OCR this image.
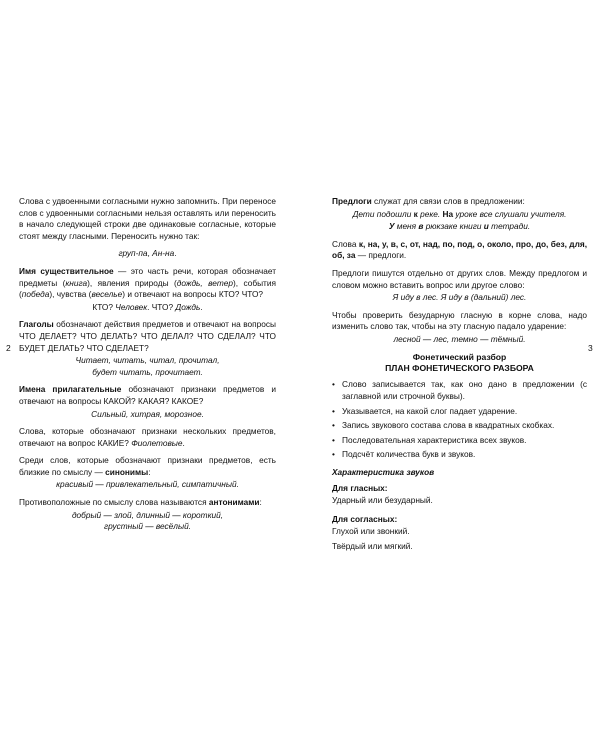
Слова с удвоенными согласными нужно запомнить. При переносе слов с удвоенными согласными нельзя оставлять или переносить в начало следующей строки две одинаковые согласные, которые стоят между гласными. Переносить нужно так:

груп-па, Ан-на.

Имя существительное — это часть речи, которая обозначает предметы (книга), явления природы (дождь, ветер), события (победа), чувства (веселье) и отвечают на вопросы КТО? ЧТО?

КТО? Человек. ЧТО? Дождь.

Глаголы обозначают действия предметов и отвечают на вопросы ЧТО ДЕЛАЕТ? ЧТО ДЕЛАТЬ? ЧТО ДЕЛАЛ? ЧТО СДЕЛАЛ? ЧТО БУДЕТ ДЕЛАТЬ? ЧТО СДЕЛАЕТ?

Читает, читать, читал, прочитал,
будет читать, прочитает.

Имена прилагательные обозначают признаки предметов и отвечают на вопросы КАКОЙ? КАКАЯ? КАКОЕ?

Сильный, хитрая, морозное.

Слова, которые обозначают признаки нескольких предметов, отвечают на вопрос КАКИЕ? Фиолетовые.

Среди слов, которые обозначают признаки предметов, есть близкие по смыслу — синонимы:

красивый — привлекательный, симпатичный.

Противоположные по смыслу слова называются антонимами:

добрый — злой, длинный — короткий,
грустный — весёлый.

2

Предлоги служат для связи слов в предложении:

Дети подошли к реке. На уроке все слушали учителя.

У меня в рюкзаке книги и тетради.

Слова к, на, у, в, с, от, над, по, под, о, около, про, до, без, для, об, за — предлоги.

Предлоги пишутся отдельно от других слов. Между предлогом и словом можно вставить вопрос или другое слово:

Я иду в лес. Я иду в (дальний) лес.

Чтобы проверить безударную гласную в корне слова, надо изменить слово так, чтобы на эту гласную падало ударение:

лесной — лес, темно — тёмный.

Фонетический разбор
ПЛАН ФОНЕТИЧЕСКОГО РАЗБОРА
• Слово записывается так, как оно дано в предложении (с заглавной или строчной буквы).
• Указывается, на какой слог падает ударение.
• Запись звукового состава слова в квадратных скобках.
• Последовательная характеристика всех звуков.
• Подсчёт количества букв и звуков.
Характеристика звуков
Для гласных:
Ударный или безударный.
Для согласных:
Глухой или звонкий.
Твёрдый или мягкий.
3
